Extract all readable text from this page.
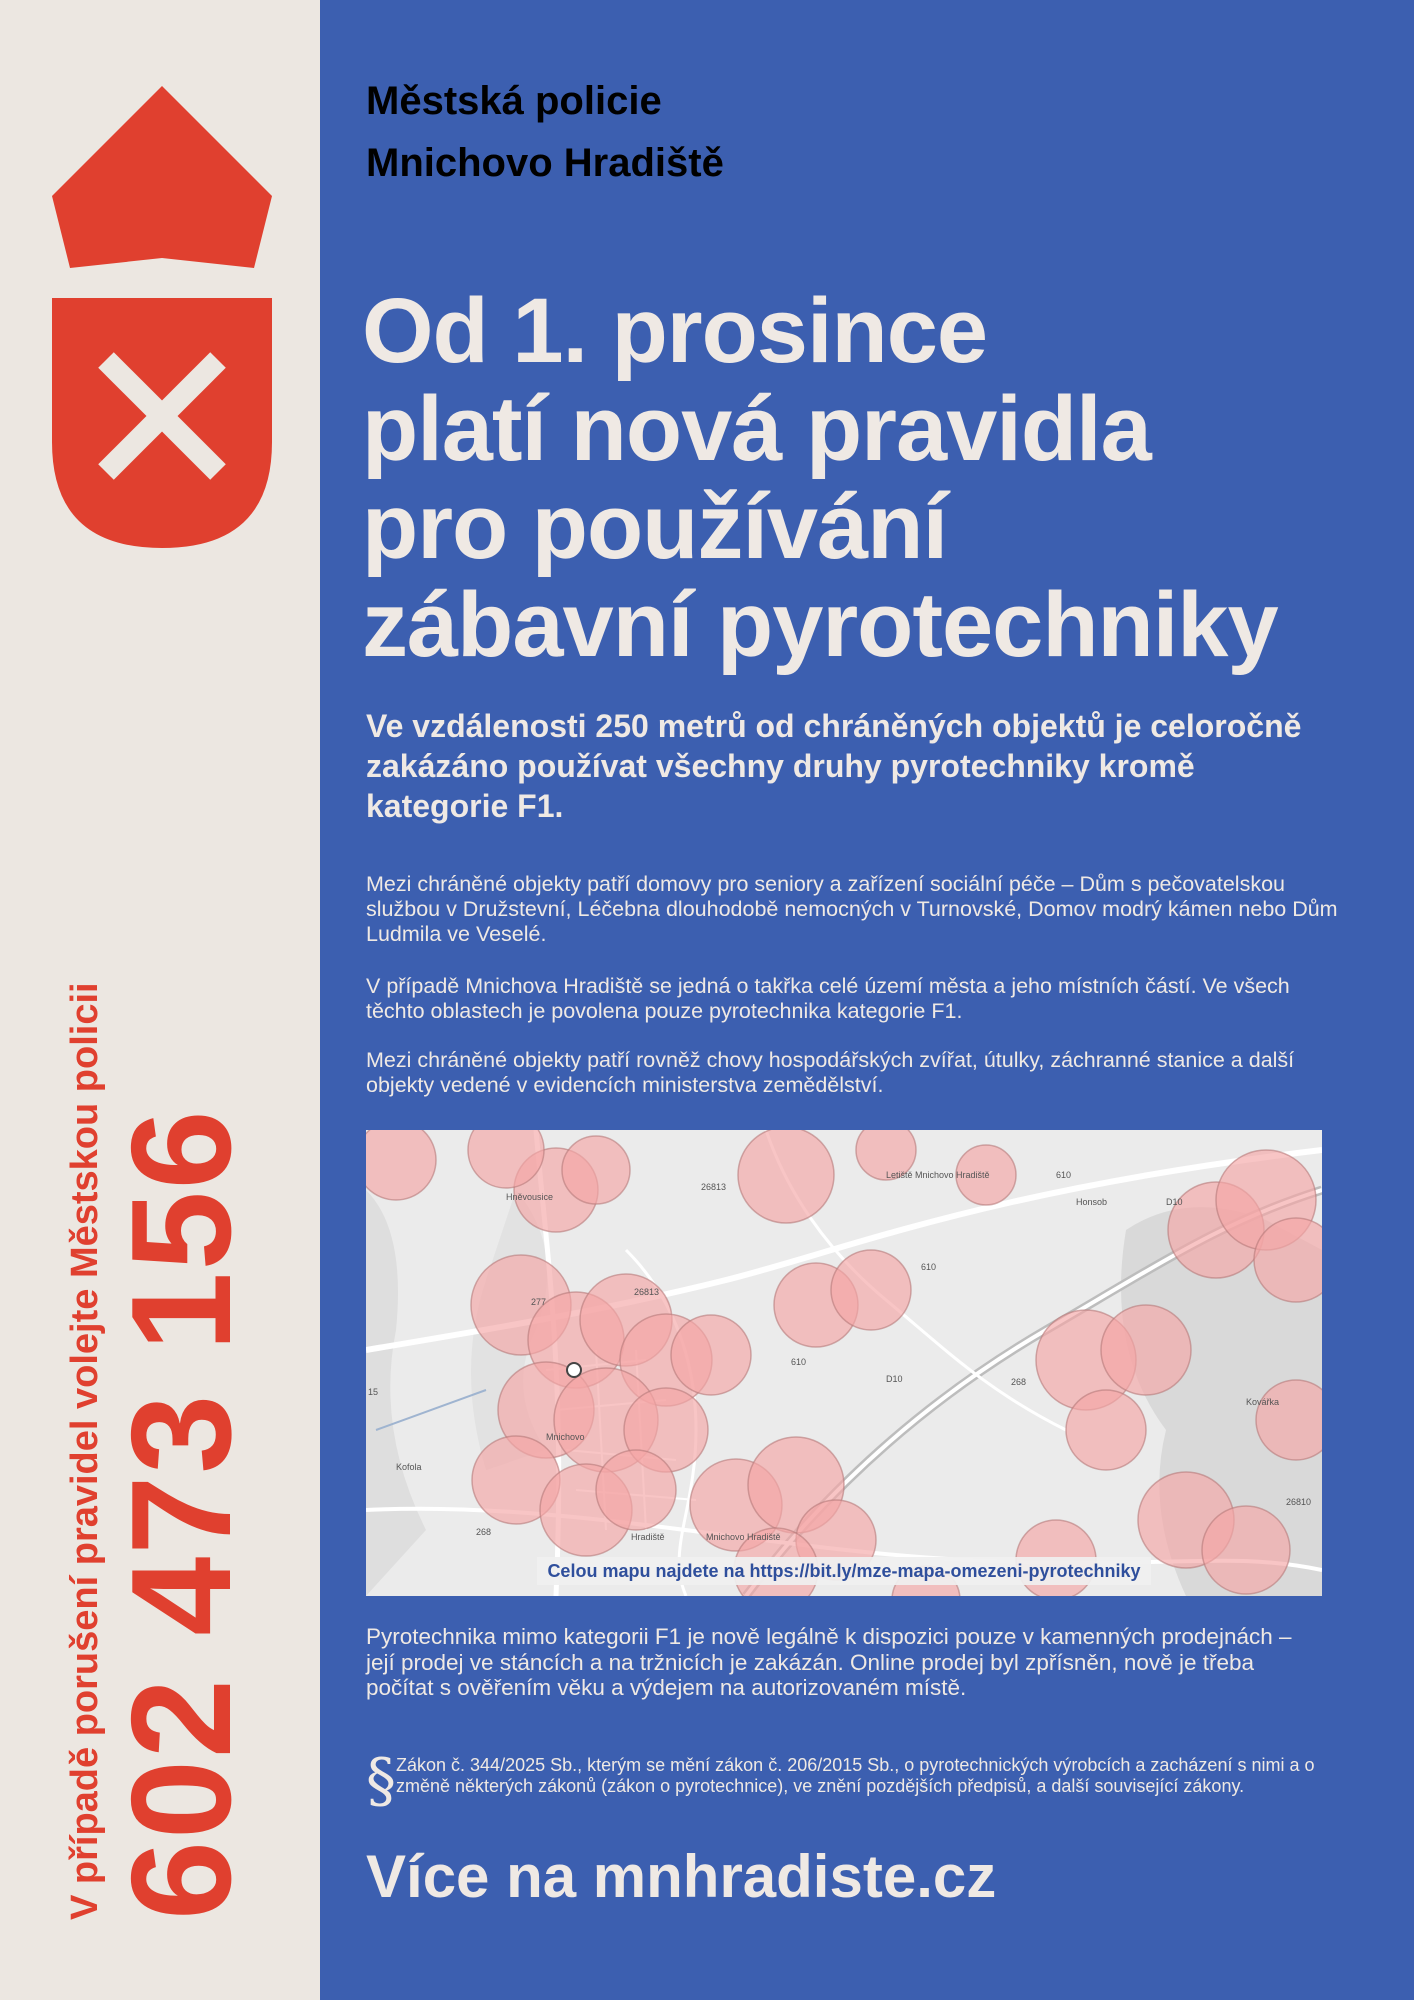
V případě porušení pravidel volejte Městskou policii
602 473 156
Městská policie
Mnichovo Hradiště
Od 1. prosince
platí nová pravidla
pro používání
zábavní pyrotechniky

Ve vzdálenosti 250 metrů od chráněných objektů je celoročně zakázáno používat všechny druhy pyrotechniky kromě kategorie F1.

Mezi chráněné objekty patří domovy pro seniory a zařízení sociální péče – Dům s pečovatelskou službou v Družstevní, Léčebna dlouhodobě nemocných v Turnovské, Domov modrý kámen nebo Dům Ludmila ve Veselé.

V případě Mnichova Hradiště se jedná o takřka celé území města a jeho místních částí. Ve všech těchto oblastech je povolena pouze pyrotechnika kategorie F1.

Mezi chráněné objekty patří rovněž chovy hospodářských zvířat, útulky, záchranné stanice a další objekty vedené v evidencích ministerstva zemědělství.

Hněvousice
26813
Letiště Mnichovo Hradiště	610
Honsob
277
26813
610
610
D10	268
Mnichovo
Kofola
268	Hradiště	Mnichovo Hradiště
26810
Kovářka
D10
15
Celou mapu najdete na https://bit.ly/mze-mapa-omezeni-pyrotechniky

Pyrotechnika mimo kategorii F1 je nově legálně k dispozici pouze v kamenných prodejnách – její prodej ve stáncích a na tržnicích je zakázán. Online prodej byl zpřísněn, nově je třeba počítat s ověřením věku a výdejem na autorizovaném místě.

§ Zákon č. 344/2025 Sb., kterým se mění zákon č. 206/2015 Sb., o pyrotechnických výrobcích a zacházení s nimi a o změně některých zákonů (zákon o pyrotechnice), ve znění pozdějších předpisů, a další související zákony.

Více na mnhradiste.cz
